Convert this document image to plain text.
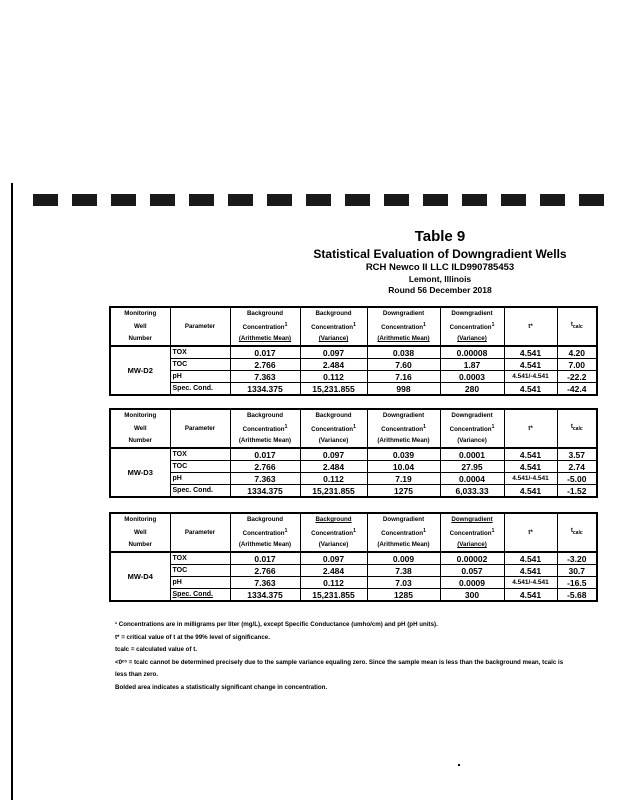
Table 9
Statistical Evaluation of Downgradient Wells
RCH Newco II LLC ILD990785453
Lemont, Illinois
Round 56 December 2018
Monitoring		Background	Background	Downgradient	Downgradient		
Well	Parameter	Concentration$^1$	Concentration$^1$	Concentration$^1$	Concentration$^1$	t*	$t_{calc}$
Number		(Arithmetic Mean)	(Variance)	(Arithmetic Mean)	(Variance)		
MW-D2	TOX	0.017	0.097	0.038	0.00008	4.541	4.20
	TOC	2.766	2.484	7.60	1.87	4.541	7.00
	pH	7.363	0.112	7.16	0.0003	4.541/-4.541	-22.2
	Spec. Cond.	1334.375	15,231.855	998	280	4.541	-42.4
Monitoring		Background	Background	Downgradient	Downgradient		
Well	Parameter	Concentration$^1$	Concentration$^1$	Concentration$^1$	Concentration$^1$	t*	$t_{calc}$
Number		(Arithmetic Mean)	(Variance)	(Arithmetic Mean)	(Variance)		
MW-D3	TOX	0.017	0.097	0.039	0.0001	4.541	3.57
	TOC	2.766	2.484	10.04	27.95	4.541	2.74
	pH	7.363	0.112	7.19	0.0004	4.541/-4.541	-5.00
	Spec. Cond.	1334.375	15,231.855	1275	6,033.33	4.541	-1.52
Monitoring		Background	Background	Downgradient	Downgradient		
Well	Parameter	Concentration$^1$	Concentration$^1$	Concentration$^1$	Concentration$^1$	t*	$t_{calc}$
Number		(Arithmetic Mean)	(Variance)	(Arithmetic Mean)	(Variance)		
MW-D4	TOX	0.017	0.097	0.009	0.00002	4.541	-3.20
	TOC	2.766	2.484	7.38	0.057	4.541	30.7
	pH	7.363	0.112	7.03	0.0009	4.541/-4.541	-16.5
	Spec. Cond.	1334.375	15,231.855	1285	300	4.541	-5.68
¹ Concentrations are in milligrams per liter (mg/L), except Specific Conductance (umho/cm) and pH (pH units).
t* = critical value of t at the 99% level of significance.
tcalc = calculated value of t.
<0ᶜᵒ = tcalc cannot be determined precisely due to the sample variance equaling zero. Since the sample mean is less than the background mean, tcalc is
less than zero.
Bolded area indicates a statistically significant change in concentration.
